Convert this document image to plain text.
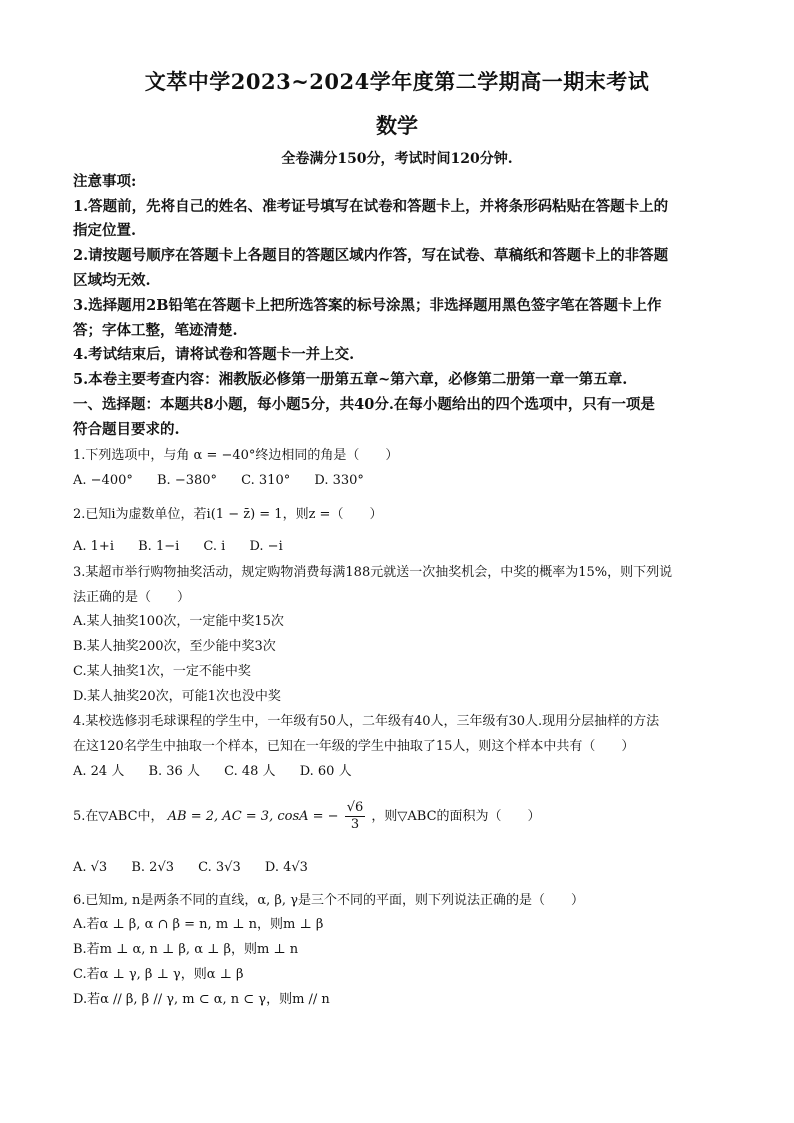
文萃中学2023~2024学年度第二学期高一期末考试
数学
全卷满分150分，考试时间120分钟.
注意事项:
1.答题前，先将自己的姓名、准考证号填写在试卷和答题卡上，并将条形码粘贴在答题卡上的
指定位置.
2.请按题号顺序在答题卡上各题目的答题区域内作答，写在试卷、草稿纸和答题卡上的非答题
区域均无效.
3.选择题用2B铅笔在答题卡上把所选答案的标号涂黑；非选择题用黑色签字笔在答题卡上作
答；字体工整，笔迹清楚.
4.考试结束后，请将试卷和答题卡一并上交.
5.本卷主要考查内容：湘教版必修第一册第五章~第六章，必修第二册第一章一第五章.
一、选择题：本题共8小题，每小题5分，共40分.在每小题给出的四个选项中，只有一项是
符合题目要求的.
1.下列选项中，与角 α = −40°终边相同的角是（　　）
A. −400° B. −380° C. 310° D. 330°
2.已知i为虚数单位，若i(1 − z̄) = 1，则z =（　　）
A. 1+i B. 1−i C. i D. −i
3.某超市举行购物抽奖活动，规定购物消费每满188元就送一次抽奖机会，中奖的概率为15%，则下列说
法正确的是（　　）
A.某人抽奖100次，一定能中奖15次
B.某人抽奖200次，至少能中奖3次
C.某人抽奖1次，一定不能中奖
D.某人抽奖20次，可能1次也没中奖
4.某校选修羽毛球课程的学生中，一年级有50人，二年级有40人，三年级有30人.现用分层抽样的方法
在这120名学生中抽取一个样本，已知在一年级的学生中抽取了15人，则这个样本中共有（　　）
A. 24 人 B. 36 人 C. 48 人 D. 60 人
5.在▽ABC中， AB = 2, AC = 3, cosA = − $\frac{√6}{3}$ ，则▽ABC的面积为（　　）
A. √3 B. 2√3 C. 3√3 D. 4√3
6.已知m, n是两条不同的直线，α, β, γ是三个不同的平面，则下列说法正确的是（　　）
A.若α ⊥ β, α ∩ β = n, m ⊥ n，则m ⊥ β
B.若m ⊥ α, n ⊥ β, α ⊥ β，则m ⊥ n
C.若α ⊥ γ, β ⊥ γ，则α ⊥ β
D.若α // β, β // γ, m ⊂ α, n ⊂ γ，则m // n
